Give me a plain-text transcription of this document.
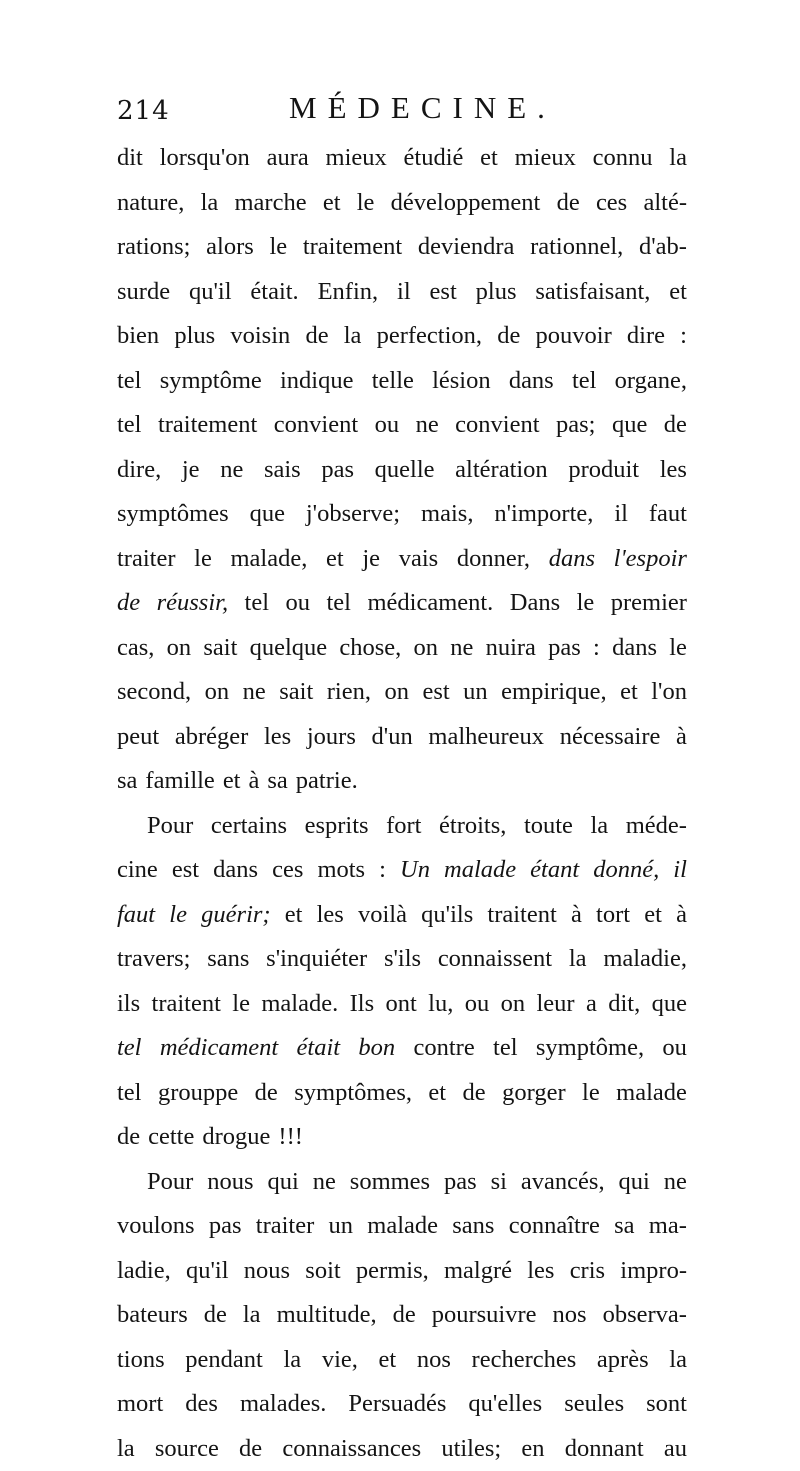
214	MÉDECINE.
dit lorsqu'on aura mieux étudié et mieux connu la
nature, la marche et le développement de ces alté-
rations; alors le traitement deviendra rationnel, d'ab-
surde qu'il était. Enfin, il est plus satisfaisant, et
bien plus voisin de la perfection, de pouvoir dire :
tel symptôme indique telle lésion dans tel organe,
tel traitement convient ou ne convient pas; que de
dire, je ne sais pas quelle altération produit les
symptômes que j'observe; mais, n'importe, il faut
traiter le malade, et je vais donner, dans l'espoir
de réussir, tel ou tel médicament. Dans le premier
cas, on sait quelque chose, on ne nuira pas : dans le
second, on ne sait rien, on est un empirique, et l'on
peut abréger les jours d'un malheureux nécessaire à
sa famille et à sa patrie.
Pour certains esprits fort étroits, toute la méde-
cine est dans ces mots : Un malade étant donné, il
faut le guérir; et les voilà qu'ils traitent à tort et à
travers; sans s'inquiéter s'ils connaissent la maladie,
ils traitent le malade. Ils ont lu, ou on leur a dit, que
tel médicament était bon contre tel symptôme, ou
tel grouppe de symptômes, et de gorger le malade
de cette drogue !!!
Pour nous qui ne sommes pas si avancés, qui ne
voulons pas traiter un malade sans connaître sa ma-
ladie, qu'il nous soit permis, malgré les cris impro-
bateurs de la multitude, de poursuivre nos observa-
tions pendant la vie, et nos recherches après la
mort des malades. Persuadés qu'elles seules sont
la source de connaissances utiles; en donnant au
